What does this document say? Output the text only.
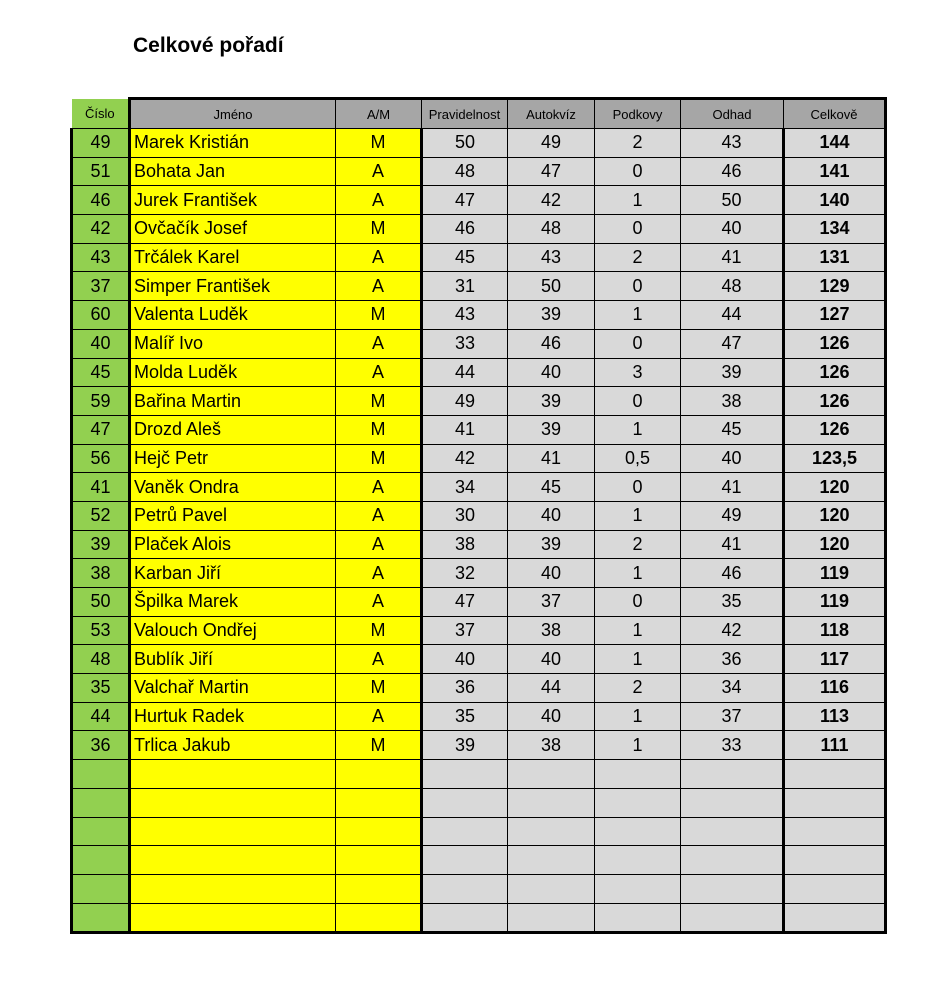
Celkové pořadí
Číslo	Jméno	A/M	Pravidelnost	Autokvíz	Podkovy	Odhad	Celkově
49	Marek Kristián	M	50	49	2	43	144
51	Bohata Jan	A	48	47	0	46	141
46	Jurek František	A	47	42	1	50	140
42	Ovčačík Josef	M	46	48	0	40	134
43	Trčálek Karel	A	45	43	2	41	131
37	Simper František	A	31	50	0	48	129
60	Valenta Luděk	M	43	39	1	44	127
40	Malíř Ivo	A	33	46	0	47	126
45	Molda Luděk	A	44	40	3	39	126
59	Bařina Martin	M	49	39	0	38	126
47	Drozd Aleš	M	41	39	1	45	126
56	Hejč Petr	M	42	41	0,5	40	123,5
41	Vaněk Ondra	A	34	45	0	41	120
52	Petrů Pavel	A	30	40	1	49	120
39	Plaček Alois	A	38	39	2	41	120
38	Karban Jiří	A	32	40	1	46	119
50	Špilka Marek	A	47	37	0	35	119
53	Valouch Ondřej	M	37	38	1	42	118
48	Bublík Jiří	A	40	40	1	36	117
35	Valchař Martin	M	36	44	2	34	116
44	Hurtuk Radek	A	35	40	1	37	113
36	Trlica Jakub	M	39	38	1	33	111
